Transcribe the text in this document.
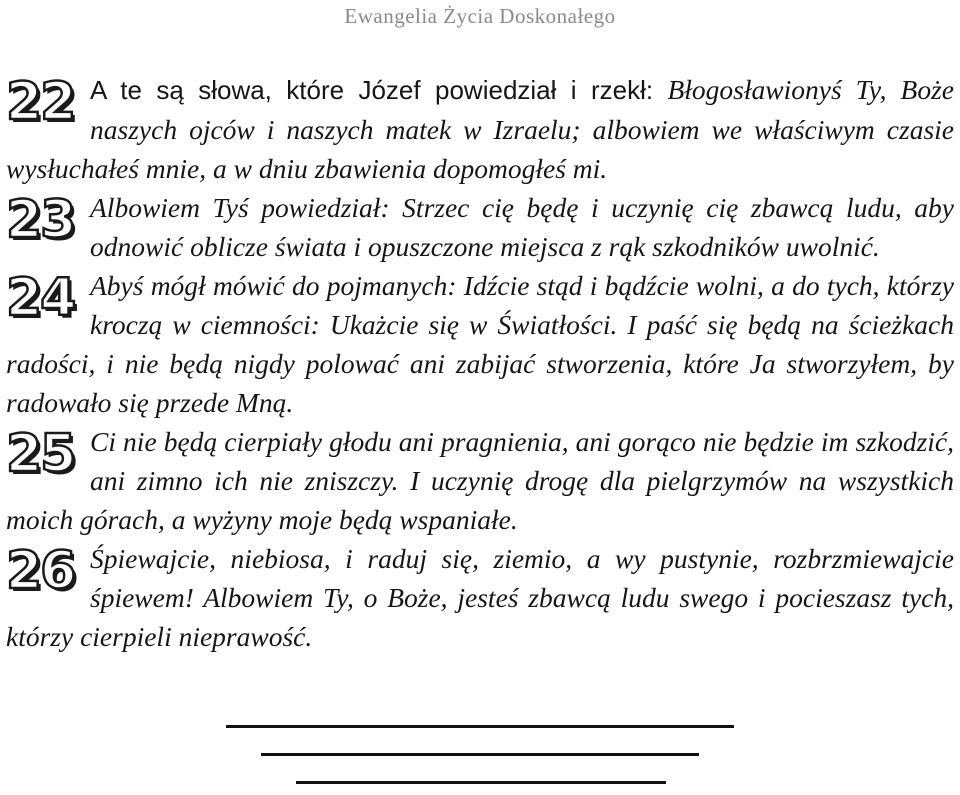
Ewangelia Życia Doskonałego
22 A te są słowa, które Józef powiedział i rzekł: Błogosławionyś Ty, Boże naszych ojców i naszych matek w Izraelu; albowiem we właściwym czasie wysłuchałeś mnie, a w dniu zbawienia dopomogłeś mi.
23 Albowiem Tyś powiedział: Strzec cię będę i uczynię cię zbawcą ludu, aby odnowić oblicze świata i opuszczone miejsca z rąk szkodników uwolnić.
24 Abyś mógł mówić do pojmanych: Idźcie stąd i bądźcie wolni, a do tych, którzy kroczą w ciemności: Ukażcie się w Światłości. I paść się będą na ścieżkach radości, i nie będą nigdy polować ani zabijać stworzenia, które Ja stworzyłem, by radowało się przede Mną.
25 Ci nie będą cierpiały głodu ani pragnienia, ani gorąco nie będzie im szkodzić, ani zimno ich nie zniszczy. I uczynię drogę dla pielgrzymów na wszystkich moich górach, a wyżyny moje będą wspaniałe.
26 Śpiewajcie, niebiosa, i raduj się, ziemio, a wy pustynie, rozbrzmiewajcie śpiewem! Albowiem Ty, o Boże, jesteś zbawcą ludu swego i pocieszasz tych, którzy cierpieli nieprawość.
